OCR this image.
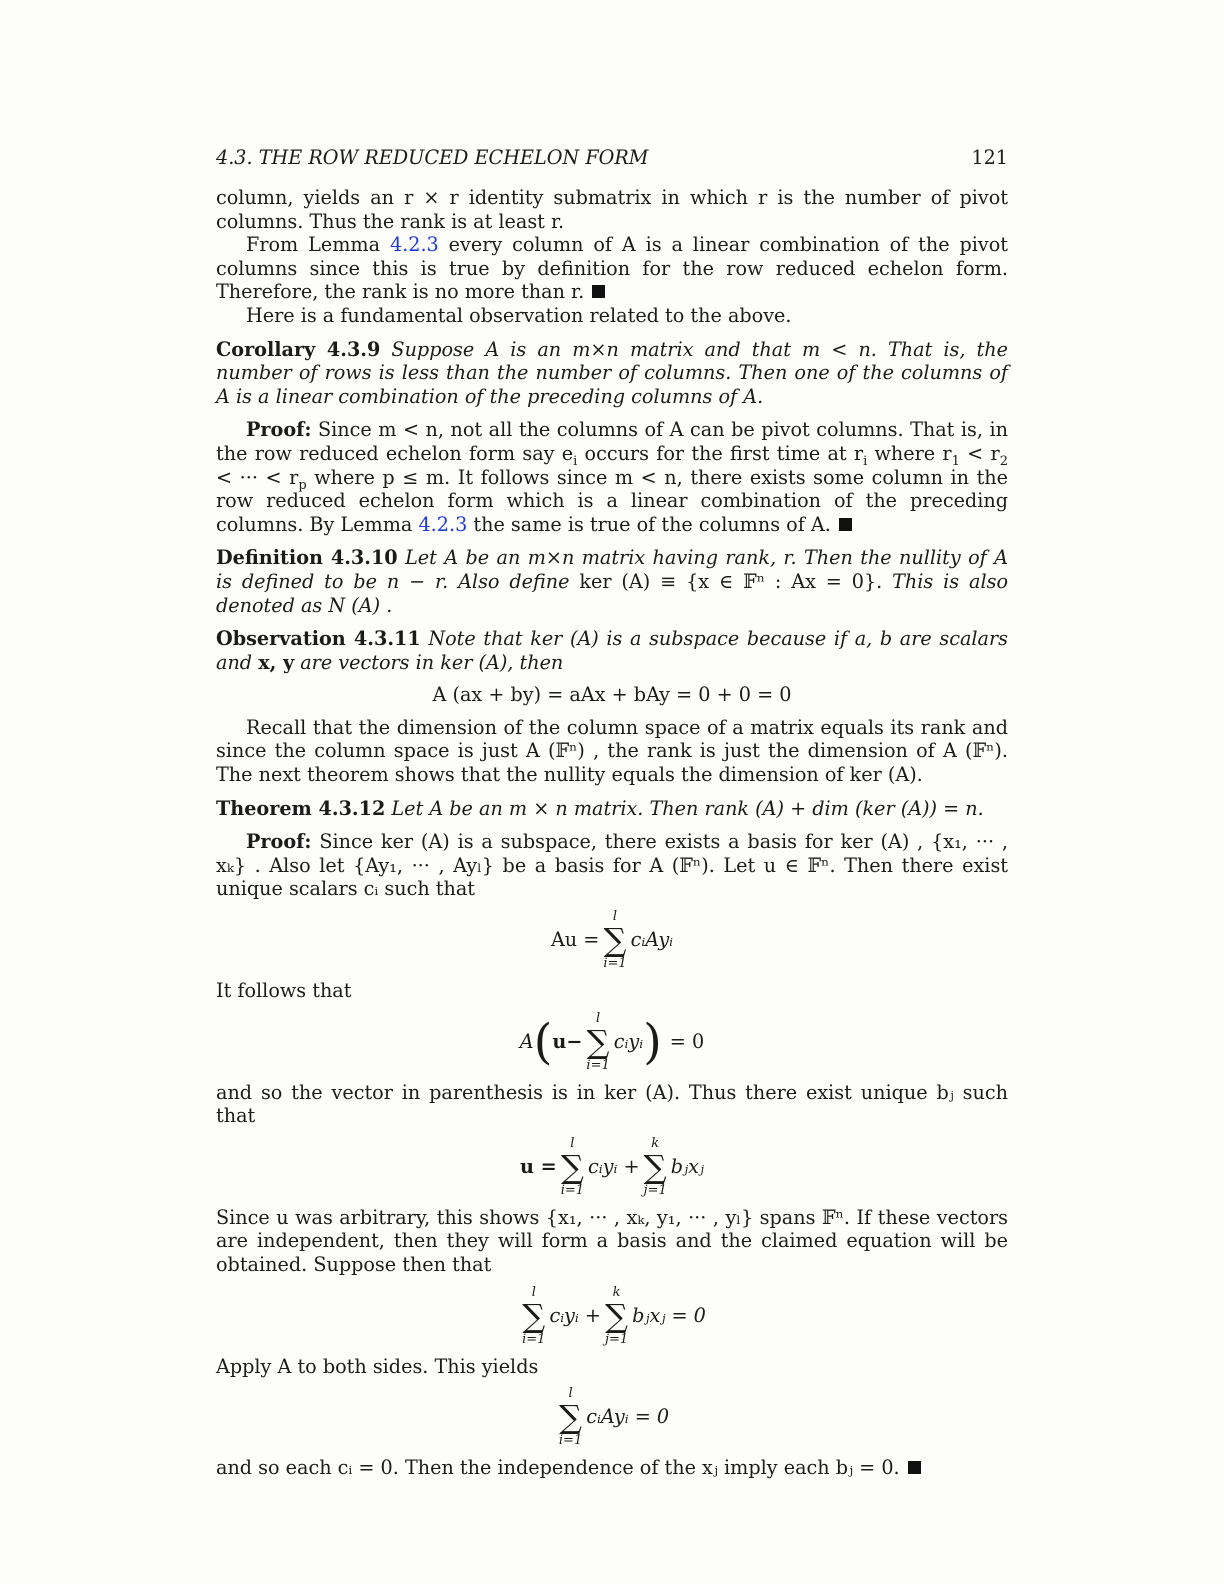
4.3. THE ROW REDUCED ECHELON FORM	121

column, yields an r × r identity submatrix in which r is the number of pivot columns. Thus the rank is at least r.

From Lemma 4.2.3 every column of A is a linear combination of the pivot columns since this is true by definition for the row reduced echelon form. Therefore, the rank is no more than r.

Here is a fundamental observation related to the above.

Corollary 4.3.9 Suppose A is an m×n matrix and that m < n. That is, the number of rows is less than the number of columns. Then one of the columns of A is a linear combination of the preceding columns of A.

Proof: Since m < n, not all the columns of A can be pivot columns. That is, in the row reduced echelon form say $e_i$ occurs for the first time at $r_i$ where $r_1 < r_2$ < ··· < $r_p$ where p ≤ m. It follows since m < n, there exists some column in the row reduced echelon form which is a linear combination of the preceding columns. By Lemma 4.2.3 the same is true of the columns of A.

Definition 4.3.10 Let A be an m×n matrix having rank, r. Then the nullity of A is defined to be n − r. Also define ker (A) ≡ {x ∈ 𝔽ⁿ : Ax = 0}. This is also denoted as N (A) .

Observation 4.3.11 Note that ker (A) is a subspace because if a, b are scalars and x, y are vectors in ker (A), then

A (ax + by) = aAx + bAy = 0 + 0 = 0

Recall that the dimension of the column space of a matrix equals its rank and since the column space is just A (𝔽ⁿ) , the rank is just the dimension of A (𝔽ⁿ). The next theorem shows that the nullity equals the dimension of ker (A).

Theorem 4.3.12 Let A be an m × n matrix. Then rank (A) + dim (ker (A)) = n.

Proof: Since ker (A) is a subspace, there exists a basis for ker (A) , {x₁, ··· , xₖ} . Also let {Ay₁, ··· , Ayₗ} be a basis for A (𝔽ⁿ). Let u ∈ 𝔽ⁿ. Then there exist unique scalars cᵢ such that

Au =
l
∑
i=1
cᵢAyᵢ

It follows that

A ( u−
l
∑
i=1
cᵢyᵢ ) = 0

and so the vector in parenthesis is in ker (A). Thus there exist unique bⱼ such that

u =
l
∑
i=1
cᵢyᵢ +
k
∑
j=1
bⱼxⱼ

Since u was arbitrary, this shows {x₁, ··· , xₖ, y₁, ··· , yₗ} spans 𝔽ⁿ. If these vectors are independent, then they will form a basis and the claimed equation will be obtained. Suppose then that

l
∑
i=1
cᵢyᵢ +
k
∑
j=1
bⱼxⱼ = 0

Apply A to both sides. This yields

l
∑
i=1
cᵢAyᵢ = 0

and so each cᵢ = 0. Then the independence of the xⱼ imply each bⱼ = 0.
